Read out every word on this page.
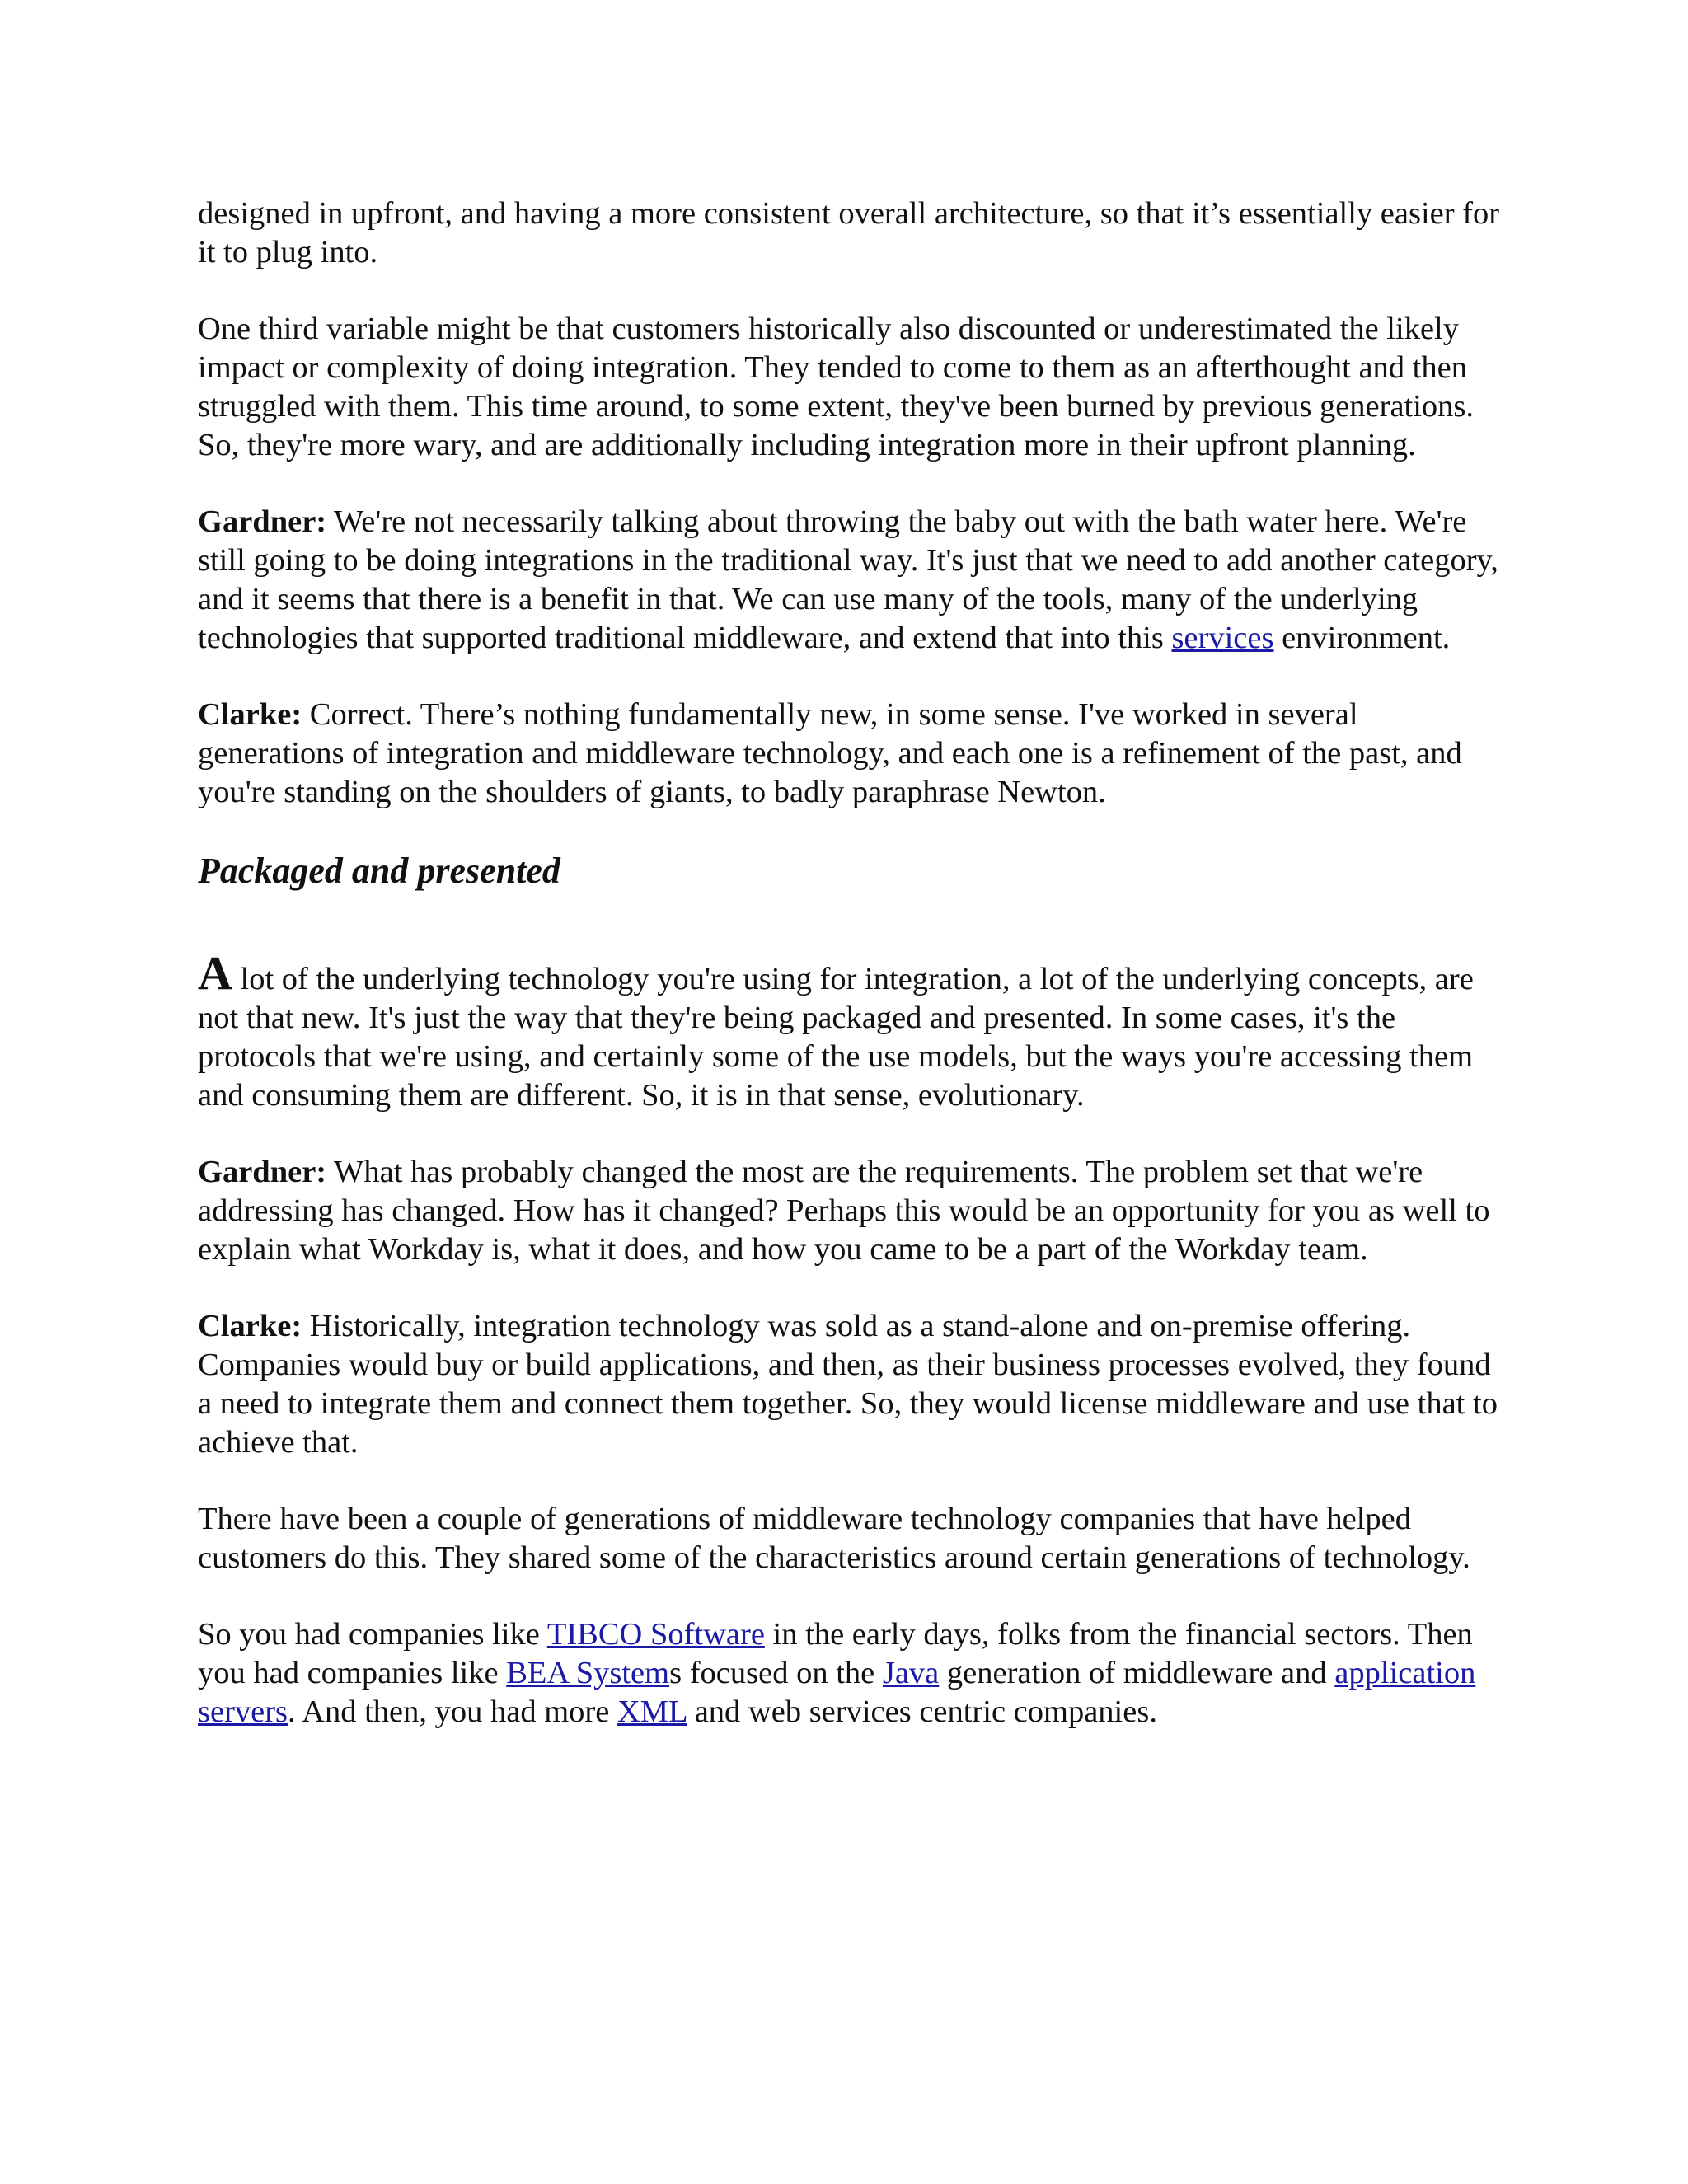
designed in upfront, and having a more consistent overall architecture, so that it’s essentially easier for it to plug into.

One third variable might be that customers historically also discounted or underestimated the likely impact or complexity of doing integration. They tended to come to them as an afterthought and then struggled with them. This time around, to some extent, they've been burned by previous generations. So, they're more wary, and are additionally including integration more in their upfront planning.

Gardner: We're not necessarily talking about throwing the baby out with the bath water here. We're still going to be doing integrations in the traditional way. It's just that we need to add another category, and it seems that there is a benefit in that. We can use many of the tools, many of the underlying technologies that supported traditional middleware, and extend that into this services environment.

Clarke: Correct. There’s nothing fundamentally new, in some sense. I've worked in several generations of integration and middleware technology, and each one is a refinement of the past, and you're standing on the shoulders of giants, to badly paraphrase Newton.

Packaged and presented

A lot of the underlying technology you're using for integration, a lot of the underlying concepts, are not that new. It's just the way that they're being packaged and presented. In some cases, it's the protocols that we're using, and certainly some of the use models, but the ways you're accessing them and consuming them are different. So, it is in that sense, evolutionary.

Gardner: What has probably changed the most are the requirements. The problem set that we're addressing has changed. How has it changed? Perhaps this would be an opportunity for you as well to explain what Workday is, what it does, and how you came to be a part of the Workday team.

Clarke: Historically, integration technology was sold as a stand-alone and on-premise offering. Companies would buy or build applications, and then, as their business processes evolved, they found a need to integrate them and connect them together. So, they would license middleware and use that to achieve that.

There have been a couple of generations of middleware technology companies that have helped customers do this. They shared some of the characteristics around certain generations of technology.

So you had companies like TIBCO Software in the early days, folks from the financial sectors. Then you had companies like BEA Systems focused on the Java generation of middleware and application servers. And then, you had more XML and web services centric companies.
